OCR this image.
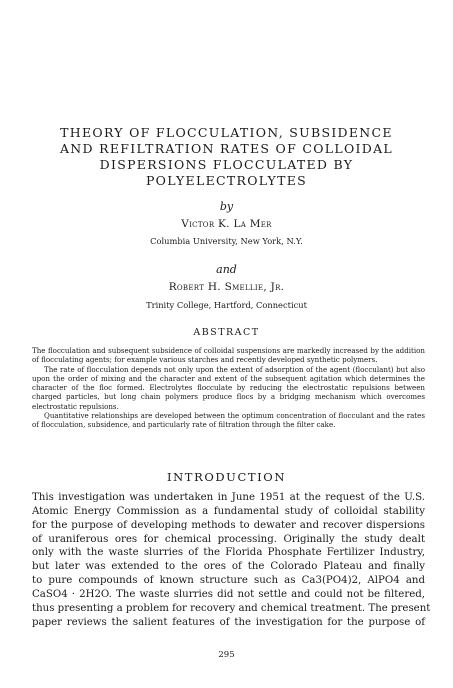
THEORY OF FLOCCULATION, SUBSIDENCE
AND REFILTRATION RATES OF COLLOIDAL
DISPERSIONS FLOCCULATED BY
POLYELECTROLYTES
by
Victor K. La Mer
Columbia University, New York, N.Y.
and
Robert H. Smellie, Jr.
Trinity College, Hartford, Connecticut
ABSTRACT

The flocculation and subsequent subsidence of colloidal suspensions are markedly increased by the addition of flocculating agents; for example various starches and recently developed synthetic polymers.

The rate of flocculation depends not only upon the extent of adsorption of the agent (flocculant) but also upon the order of mixing and the character and extent of the subsequent agitation which determines the character of the floc formed. Electrolytes flocculate by reducing the electrostatic repulsions between charged particles, but long chain polymers produce flocs by a bridging mechanism which overcomes electrostatic repulsions.

Quantitative relationships are developed between the optimum concentration of flocculant and the rates of flocculation, subsidence, and particularly rate of filtration through the filter cake.

INTRODUCTION
This investigation was undertaken in June 1951 at the request of the U.S.
Atomic Energy Commission as a fundamental study of colloidal stability
for the purpose of developing methods to dewater and recover dispersions
of uraniferous ores for chemical processing. Originally the study dealt
only with the waste slurries of the Florida Phosphate Fertilizer Industry,
but later was extended to the ores of the Colorado Plateau and finally
to pure compounds of known structure such as Ca3(PO4)2, AlPO4 and
CaSO4 · 2H2O. The waste slurries did not settle and could not be filtered,
thus presenting a problem for recovery and chemical treatment. The present
paper reviews the salient features of the investigation for the purpose of
295
